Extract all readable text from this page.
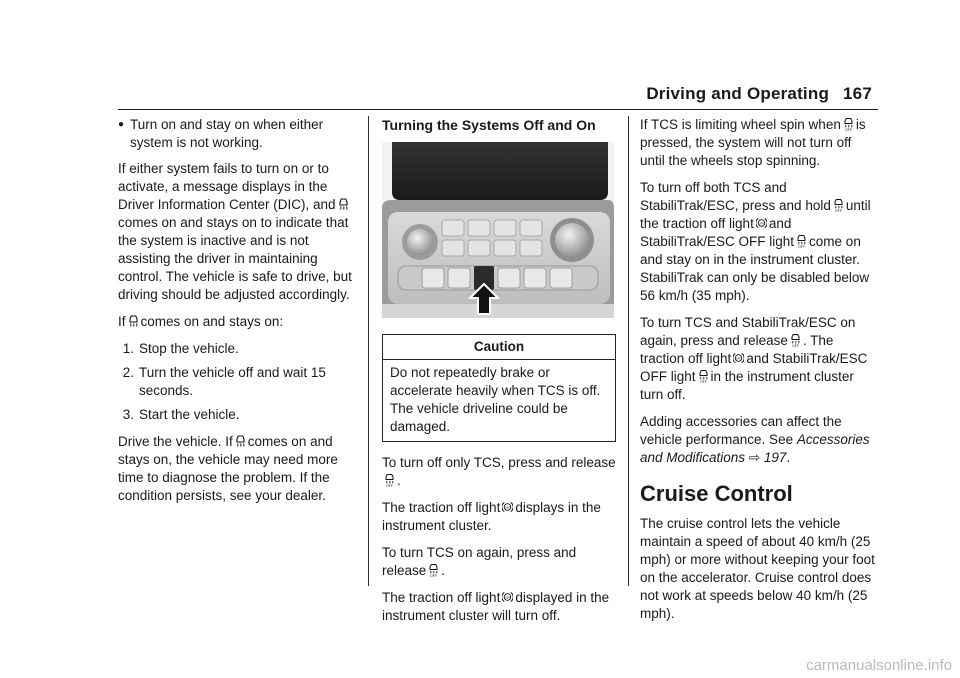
Driving and Operating 167
● Turn on and stay on when either system is not working.

If either system fails to turn on or to activate, a message displays in the Driver Information Center (DIC), andcomes on and stays on to indicate that the system is inactive and is not assisting the driver in maintaining control. The vehicle is safe to drive, but driving should be adjusted accordingly.

If comes on and stays on:

1. Stop the vehicle.
2. Turn the vehicle off and wait 15 seconds.
3. Start the vehicle.

Drive the vehicle. If comes on and stays on, the vehicle may need more time to diagnose the problem. If the condition persists, see your dealer.

Turning the Systems Off and On
Caution
Do not repeatedly brake or accelerate heavily when TCS is off. The vehicle driveline could be damaged.

To turn off only TCS, press and release.

The traction off light displays in the instrument cluster.

To turn TCS on again, press and release .

The traction off light displayed in the instrument cluster will turn off.

If TCS is limiting wheel spin when is pressed, the system will not turn off until the wheels stop spinning.

To turn off both TCS and StabiliTrak/ESC, press and hold until the traction off light and StabiliTrak/ESC OFF light come on and stay on in the instrument cluster. StabiliTrak can only be disabled below 56 km/h (35 mph).

To turn TCS and StabiliTrak/ESC on again, press and release . The traction off light and StabiliTrak/ESC OFF light in the instrument cluster turn off.

Adding accessories can affect the vehicle performance. See Accessories and Modifications ⇨ 197.

Cruise Control

The cruise control lets the vehicle maintain a speed of about 40 km/h (25 mph) or more without keeping your foot on the accelerator. Cruise control does not work at speeds below 40 km/h (25 mph).

carmanualsonline.info
